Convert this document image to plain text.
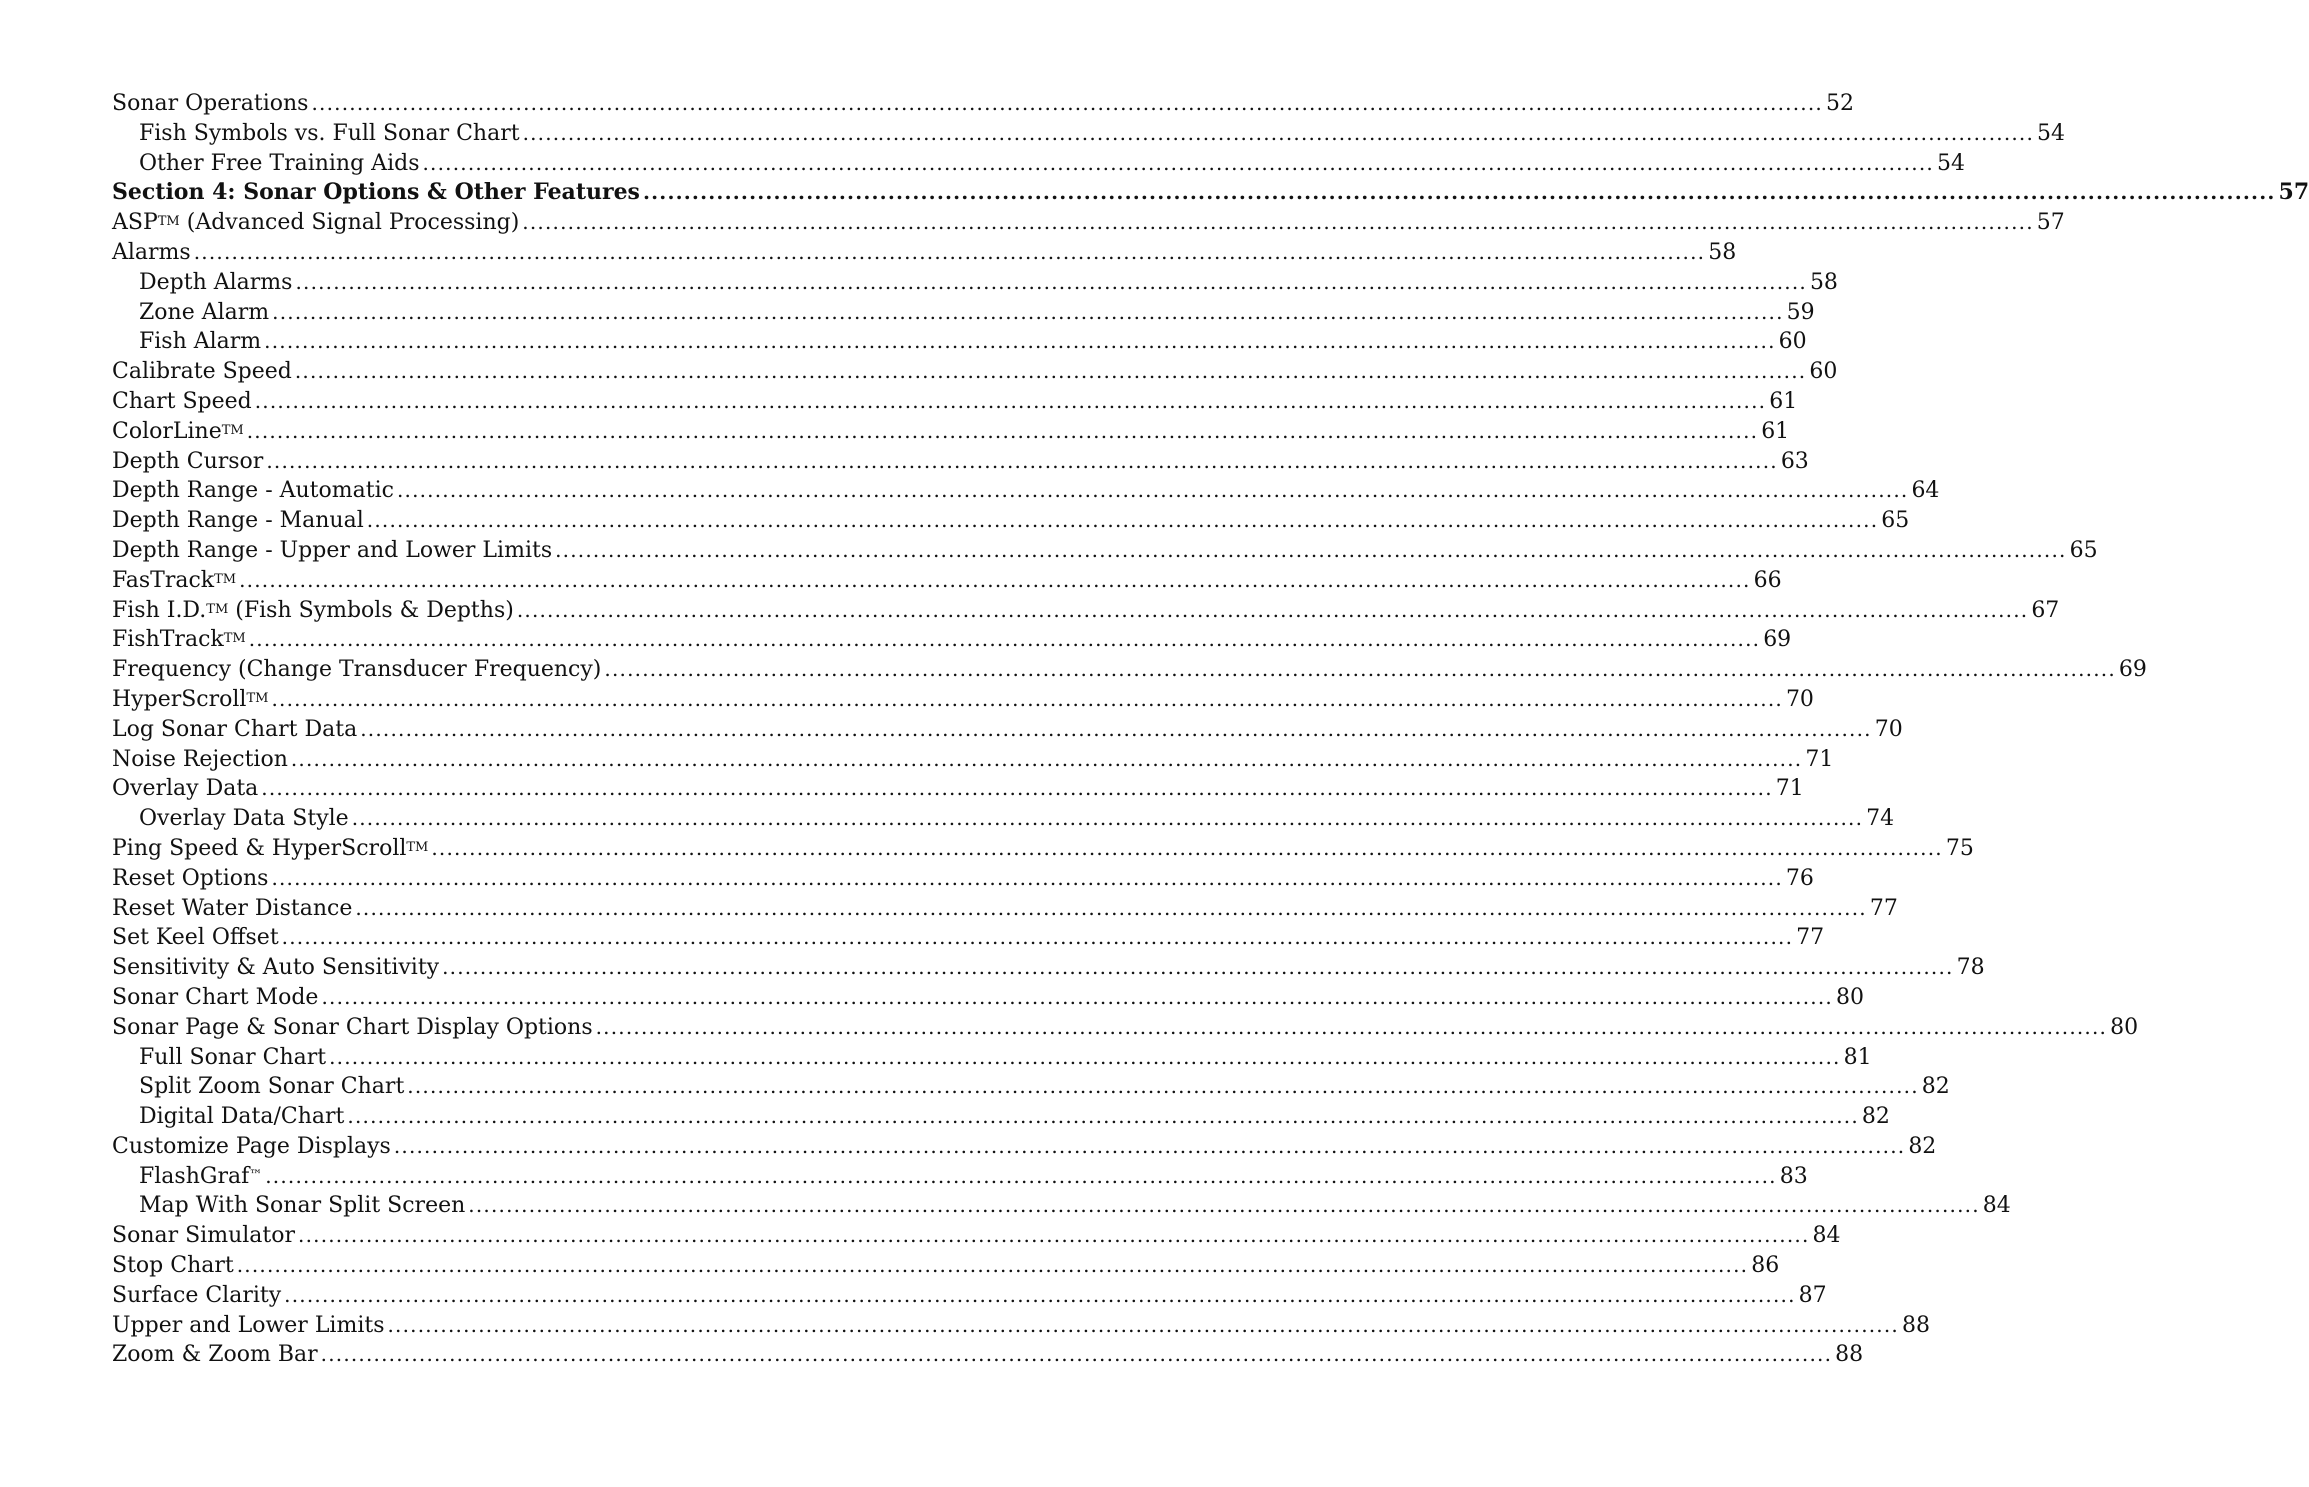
Sonar Operations ........................................................................................................................................................................................................ 52
Fish Symbols vs. Full Sonar Chart ........................................................................................................................................................................................................ 54
Other Free Training Aids ........................................................................................................................................................................................................ 54
Section 4: Sonar Options & Other Features ........................................................................................................................................................................................................ 57
ASPTM (Advanced Signal Processing) ........................................................................................................................................................................................................ 57
Alarms ........................................................................................................................................................................................................ 58
Depth Alarms ........................................................................................................................................................................................................ 58
Zone Alarm ........................................................................................................................................................................................................ 59
Fish Alarm ........................................................................................................................................................................................................ 60
Calibrate Speed ........................................................................................................................................................................................................ 60
Chart Speed ........................................................................................................................................................................................................ 61
ColorLineTM ........................................................................................................................................................................................................ 61
Depth Cursor ........................................................................................................................................................................................................ 63
Depth Range - Automatic ........................................................................................................................................................................................................ 64
Depth Range - Manual ........................................................................................................................................................................................................ 65
Depth Range - Upper and Lower Limits ........................................................................................................................................................................................................ 65
FasTrackTM ........................................................................................................................................................................................................ 66
Fish I.D.TM (Fish Symbols & Depths) ........................................................................................................................................................................................................ 67
FishTrackTM ........................................................................................................................................................................................................ 69
Frequency (Change Transducer Frequency) ........................................................................................................................................................................................................ 69
HyperScrollTM ........................................................................................................................................................................................................ 70
Log Sonar Chart Data ........................................................................................................................................................................................................ 70
Noise Rejection ........................................................................................................................................................................................................ 71
Overlay Data ........................................................................................................................................................................................................ 71
Overlay Data Style ........................................................................................................................................................................................................ 74
Ping Speed & HyperScrollTM ........................................................................................................................................................................................................ 75
Reset Options ........................................................................................................................................................................................................ 76
Reset Water Distance ........................................................................................................................................................................................................ 77
Set Keel Offset ........................................................................................................................................................................................................ 77
Sensitivity & Auto Sensitivity ........................................................................................................................................................................................................ 78
Sonar Chart Mode ........................................................................................................................................................................................................ 80
Sonar Page & Sonar Chart Display Options ........................................................................................................................................................................................................ 80
Full Sonar Chart ........................................................................................................................................................................................................ 81
Split Zoom Sonar Chart ........................................................................................................................................................................................................ 82
Digital Data/Chart ........................................................................................................................................................................................................ 82
Customize Page Displays ........................................................................................................................................................................................................ 82
FlashGraf™ ........................................................................................................................................................................................................ 83
Map With Sonar Split Screen ........................................................................................................................................................................................................ 84
Sonar Simulator ........................................................................................................................................................................................................ 84
Stop Chart ........................................................................................................................................................................................................ 86
Surface Clarity ........................................................................................................................................................................................................ 87
Upper and Lower Limits ........................................................................................................................................................................................................ 88
Zoom & Zoom Bar ........................................................................................................................................................................................................ 88
